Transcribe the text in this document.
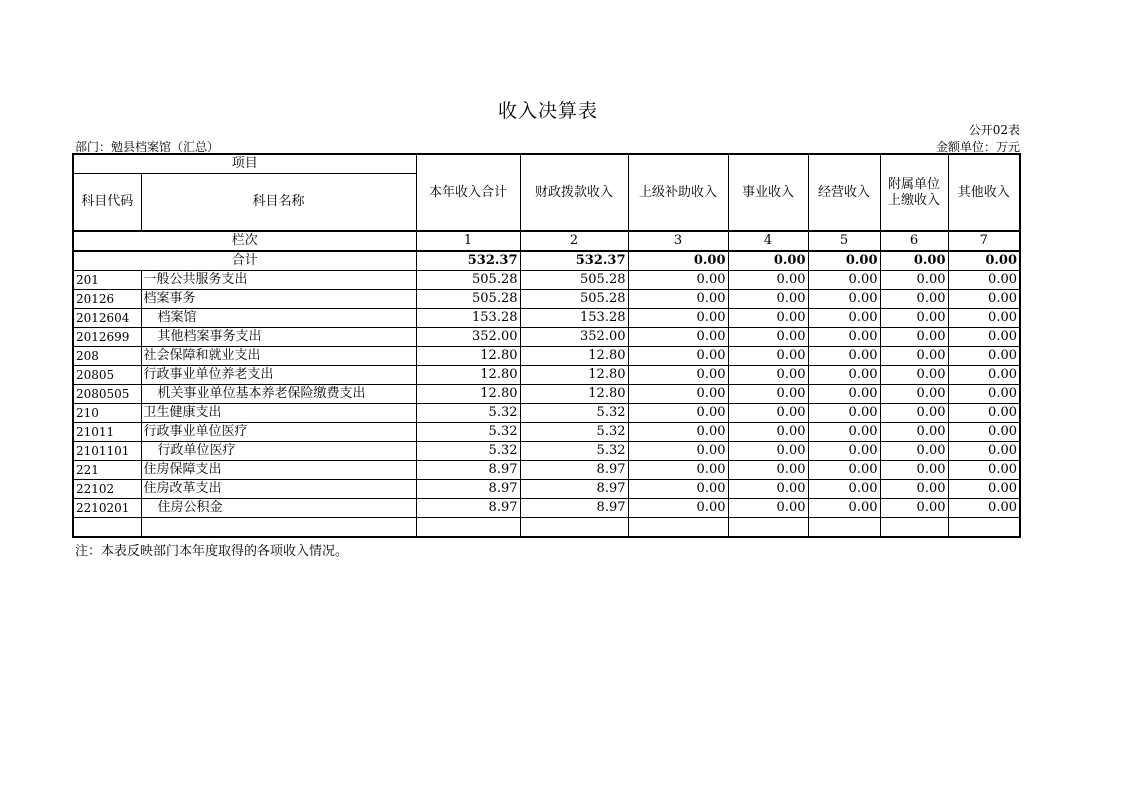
收入决算表
公开02表
部门：勉县档案馆（汇总）	金额单位：万元
项目		本年收入合计	财政拨款收入	上级补助收入	事业收入	经营收入	附属单位上缴收入	其他收入
科目代码	科目名称							

栏次		1	2	3	4	5	6	7
合计		532.37	532.37	0.00	0.00	0.00	0.00	0.00
201	一般公共服务支出	505.28	505.28	0.00	0.00	0.00	0.00	0.00
20126	档案事务	505.28	505.28	0.00	0.00	0.00	0.00	0.00
2012604	档案馆	153.28	153.28	0.00	0.00	0.00	0.00	0.00
2012699	其他档案事务支出	352.00	352.00	0.00	0.00	0.00	0.00	0.00
208	社会保障和就业支出	12.80	12.80	0.00	0.00	0.00	0.00	0.00
20805	行政事业单位养老支出	12.80	12.80	0.00	0.00	0.00	0.00	0.00
2080505	机关事业单位基本养老保险缴费支出	12.80	12.80	0.00	0.00	0.00	0.00	0.00
210	卫生健康支出	5.32	5.32	0.00	0.00	0.00	0.00	0.00
21011	行政事业单位医疗	5.32	5.32	0.00	0.00	0.00	0.00	0.00
2101101	行政单位医疗	5.32	5.32	0.00	0.00	0.00	0.00	0.00
221	住房保障支出	8.97	8.97	0.00	0.00	0.00	0.00	0.00
22102	住房改革支出	8.97	8.97	0.00	0.00	0.00	0.00	0.00
2210201	住房公积金	8.97	8.97	0.00	0.00	0.00	0.00	0.00

注：本表反映部门本年度取得的各项收入情况。
